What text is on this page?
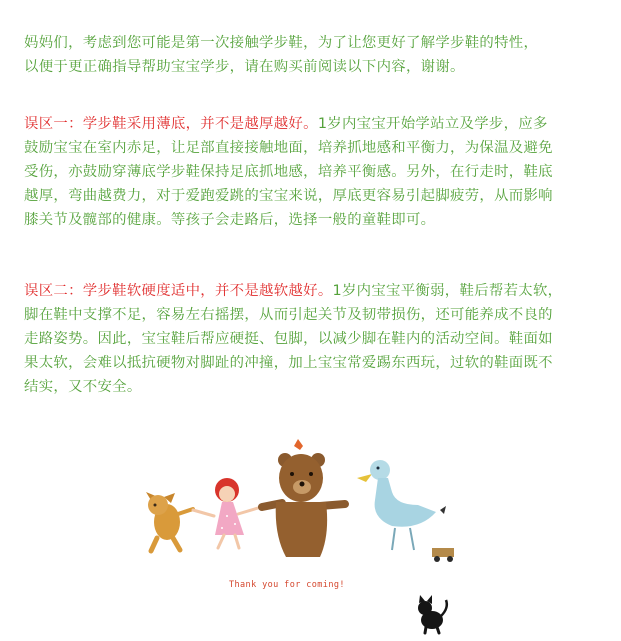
妈妈们，考虑到您可能是第一次接触学步鞋，为了让您更好了解学步鞋的特性，
以便于更正确指导帮助宝宝学步，请在购买前阅读以下内容，谢谢。
误区一：学步鞋采用薄底，并不是越厚越好。1岁内宝宝开始学站立及学步，应多
鼓励宝宝在室内赤足，让足部直接接触地面，培养抓地感和平衡力，为保温及避免
受伤，亦鼓励穿薄底学步鞋保持足底抓地感，培养平衡感。另外，在行走时，鞋底
越厚，弯曲越费力，对于爱跑爱跳的宝宝来说，厚底更容易引起脚疲劳，从而影响
膝关节及髋部的健康。等孩子会走路后，选择一般的童鞋即可。
误区二：学步鞋软硬度适中，并不是越软越好。1岁内宝宝平衡弱，鞋后帮若太软，
脚在鞋中支撑不足，容易左右摇摆，从而引起关节及韧带损伤，还可能养成不良的
走路姿势。因此，宝宝鞋后帮应硬挺、包脚，以减少脚在鞋内的活动空间。鞋面如
果太软，会难以抵抗硬物对脚趾的冲撞，加上宝宝常爱踢东西玩，过软的鞋面既不
结实，又不安全。
Thank you for coming!
